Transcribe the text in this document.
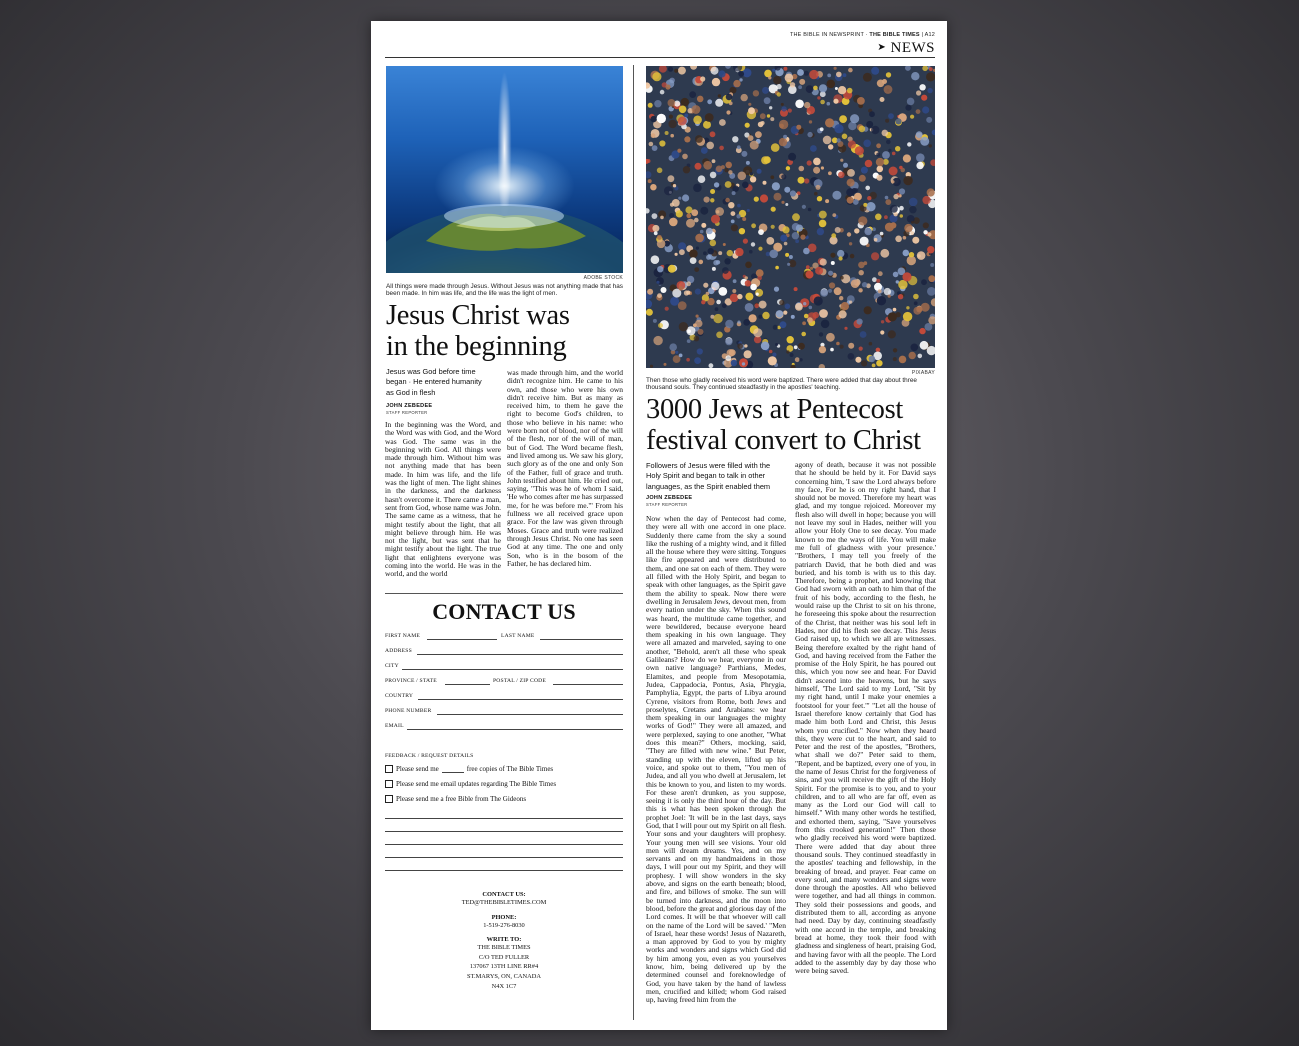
THE BIBLE IN NEWSPRINT · THE BIBLE TIMES | A12
➤ NEWS
ADOBE STOCK
All things were made through Jesus. Without Jesus was not anything made that has been made. In him was life, and the life was the light of men.
Jesus Christ was
in the beginning
Jesus was God before time began · He entered humanity as God in flesh
JOHN ZEBEDEE
STAFF REPORTER
In the beginning was the Word, and the Word was with God, and the Word was God. The same was in the beginning with God. All things were made through him. Without him was not anything made that has been made. In him was life, and the life was the light of men. The light shines in the darkness, and the darkness hasn't overcome it. There came a man, sent from God, whose name was John. The same came as a witness, that he might testify about the light, that all might believe through him. He was not the light, but was sent that he might testify about the light. The true light that enlightens everyone was coming into the world. He was in the world, and the world
was made through him, and the world didn't recognize him. He came to his own, and those who were his own didn't receive him. But as many as received him, to them he gave the right to become God's children, to those who believe in his name: who were born not of blood, nor of the will of the flesh, nor of the will of man, but of God. The Word became flesh, and lived among us. We saw his glory, such glory as of the one and only Son of the Father, full of grace and truth. John testified about him. He cried out, saying, "This was he of whom I said, 'He who comes after me has surpassed me, for he was before me.'" From his fullness we all received grace upon grace. For the law was given through Moses. Grace and truth were realized through Jesus Christ. No one has seen God at any time. The one and only Son, who is in the bosom of the Father, he has declared him.
CONTACT US
FIRST NAME	LAST NAME
ADDRESS
CITY
PROVINCE / STATE	POSTAL / ZIP CODE
COUNTRY
PHONE NUMBER
EMAIL
FEEDBACK / REQUEST DETAILS
Please send me	free copies of The Bible Times
Please send me email updates regarding The Bible Times
Please send me a free Bible from The Gideons
CONTACT US:
TED@THEBIBLETIMES.COM
PHONE:
1-519-276-8030
WRITE TO:
THE BIBLE TIMES
C/O TED FULLER
137067 13TH LINE RR#4
ST.MARYS, ON, CANADA
N4X 1C7
PIXABAY
Then those who gladly received his word were baptized. There were added that day about three thousand souls. They continued steadfastly in the apostles' teaching.
3000 Jews at Pentecost
festival convert to Christ
Followers of Jesus were filled with the Holy Spirit and began to talk in other languages, as the Spirit enabled them
JOHN ZEBEDEE
STAFF REPORTER
Now when the day of Pentecost had come, they were all with one accord in one place. Suddenly there came from the sky a sound like the rushing of a mighty wind, and it filled all the house where they were sitting. Tongues like fire appeared and were distributed to them, and one sat on each of them. They were all filled with the Holy Spirit, and began to speak with other languages, as the Spirit gave them the ability to speak. Now there were dwelling in Jerusalem Jews, devout men, from every nation under the sky. When this sound was heard, the multitude came together, and were bewildered, because everyone heard them speaking in his own language. They were all amazed and marveled, saying to one another, "Behold, aren't all these who speak Galileans? How do we hear, everyone in our own native language? Parthians, Medes, Elamites, and people from Mesopotamia, Judea, Cappadocia, Pontus, Asia, Phrygia, Pamphylia, Egypt, the parts of Libya around Cyrene, visitors from Rome, both Jews and proselytes, Cretans and Arabians: we hear them speaking in our languages the mighty works of God!" They were all amazed, and were perplexed, saying to one another, "What does this mean?" Others, mocking, said, "They are filled with new wine." But Peter, standing up with the eleven, lifted up his voice, and spoke out to them, "You men of Judea, and all you who dwell at Jerusalem, let this be known to you, and listen to my words. For these aren't drunken, as you suppose, seeing it is only the third hour of the day. But this is what has been spoken through the prophet Joel: 'It will be in the last days, says God, that I will pour out my Spirit on all flesh. Your sons and your daughters will prophesy. Your young men will see visions. Your old men will dream dreams. Yes, and on my servants and on my handmaidens in those days, I will pour out my Spirit, and they will prophesy. I will show wonders in the sky above, and signs on the earth beneath; blood, and fire, and billows of smoke. The sun will be turned into darkness, and the moon into blood, before the great and glorious day of the Lord comes. It will be that whoever will call on the name of the Lord will be saved.' "Men of Israel, hear these words! Jesus of Nazareth, a man approved by God to you by mighty works and wonders and signs which God did by him among you, even as you yourselves know, him, being delivered up by the determined counsel and foreknowledge of God, you have taken by the hand of lawless men, crucified and killed; whom God raised up, having freed him from the
agony of death, because it was not possible that he should be held by it. For David says concerning him, 'I saw the Lord always before my face, For he is on my right hand, that I should not be moved. Therefore my heart was glad, and my tongue rejoiced. Moreover my flesh also will dwell in hope; because you will not leave my soul in Hades, neither will you allow your Holy One to see decay. You made known to me the ways of life. You will make me full of gladness with your presence.' "Brothers, I may tell you freely of the patriarch David, that he both died and was buried, and his tomb is with us to this day. Therefore, being a prophet, and knowing that God had sworn with an oath to him that of the fruit of his body, according to the flesh, he would raise up the Christ to sit on his throne, he foreseeing this spoke about the resurrection of the Christ, that neither was his soul left in Hades, nor did his flesh see decay. This Jesus God raised up, to which we all are witnesses. Being therefore exalted by the right hand of God, and having received from the Father the promise of the Holy Spirit, he has poured out this, which you now see and hear. For David didn't ascend into the heavens, but he says himself, 'The Lord said to my Lord, "Sit by my right hand, until I make your enemies a footstool for your feet."' "Let all the house of Israel therefore know certainly that God has made him both Lord and Christ, this Jesus whom you crucified." Now when they heard this, they were cut to the heart, and said to Peter and the rest of the apostles, "Brothers, what shall we do?" Peter said to them, "Repent, and be baptized, every one of you, in the name of Jesus Christ for the forgiveness of sins, and you will receive the gift of the Holy Spirit. For the promise is to you, and to your children, and to all who are far off, even as many as the Lord our God will call to himself." With many other words he testified, and exhorted them, saying, "Save yourselves from this crooked generation!" Then those who gladly received his word were baptized. There were added that day about three thousand souls. They continued steadfastly in the apostles' teaching and fellowship, in the breaking of bread, and prayer. Fear came on every soul, and many wonders and signs were done through the apostles. All who believed were together, and had all things in common. They sold their possessions and goods, and distributed them to all, according as anyone had need. Day by day, continuing steadfastly with one accord in the temple, and breaking bread at home, they took their food with gladness and singleness of heart, praising God, and having favor with all the people. The Lord added to the assembly day by day those who were being saved.
